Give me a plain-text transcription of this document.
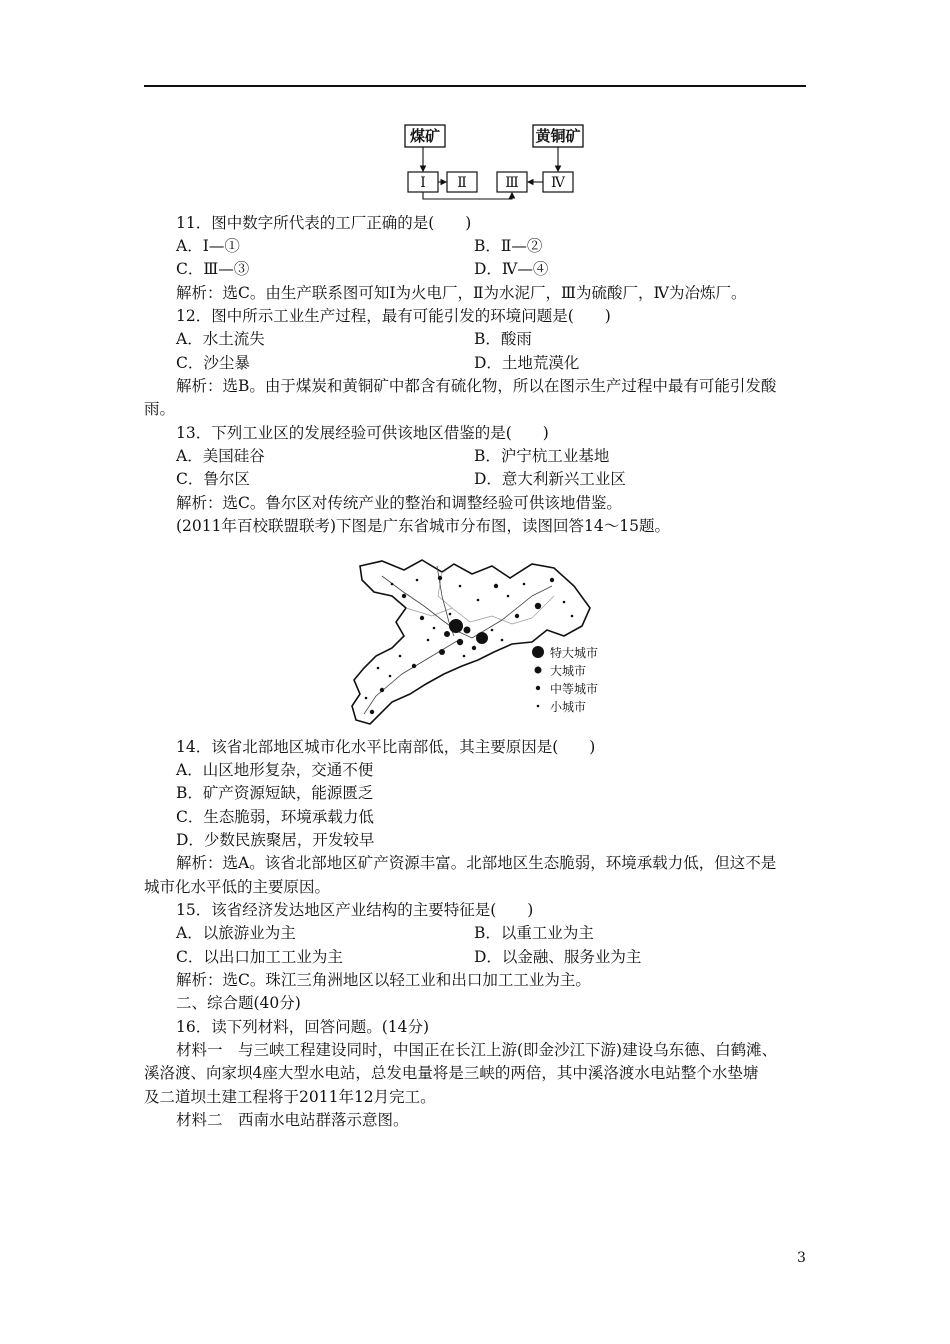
煤矿	黄铜矿
Ⅰ Ⅱ	Ⅲ Ⅳ
11．图中数字所代表的工厂正确的是(　　)
A．Ⅰ—①	B．Ⅱ—②
C．Ⅲ—③	D．Ⅳ—④
解析：选C。由生产联系图可知Ⅰ为火电厂，Ⅱ为水泥厂，Ⅲ为硫酸厂，Ⅳ为冶炼厂。
12．图中所示工业生产过程，最有可能引发的环境问题是(　　)
A．水土流失	B．酸雨
C．沙尘暴	D．土地荒漠化
解析：选B。由于煤炭和黄铜矿中都含有硫化物，所以在图示生产过程中最有可能引发酸
雨。
13．下列工业区的发展经验可供该地区借鉴的是(　　)
A．美国硅谷	B．沪宁杭工业基地
C．鲁尔区	D．意大利新兴工业区
解析：选C。鲁尔区对传统产业的整治和调整经验可供该地借鉴。
(2011年百校联盟联考)下图是广东省城市分布图，读图回答14～15题。
特大城市
大城市
中等城市
小城市
14．该省北部地区城市化水平比南部低，其主要原因是(　　)
A．山区地形复杂，交通不便
B．矿产资源短缺，能源匮乏
C．生态脆弱，环境承载力低
D．少数民族聚居，开发较早
解析：选A。该省北部地区矿产资源丰富。北部地区生态脆弱，环境承载力低，但这不是
城市化水平低的主要原因。
15．该省经济发达地区产业结构的主要特征是(　　)
A．以旅游业为主	B．以重工业为主
C．以出口加工工业为主	D．以金融、服务业为主
解析：选C。珠江三角洲地区以轻工业和出口加工工业为主。
二、综合题(40分)
16．读下列材料，回答问题。(14分)
材料一　与三峡工程建设同时，中国正在长江上游(即金沙江下游)建设乌东德、白鹤滩、
溪洛渡、向家坝4座大型水电站，总发电量将是三峡的两倍，其中溪洛渡水电站整个水垫塘
及二道坝土建工程将于2011年12月完工。
材料二　西南水电站群落示意图。
3
